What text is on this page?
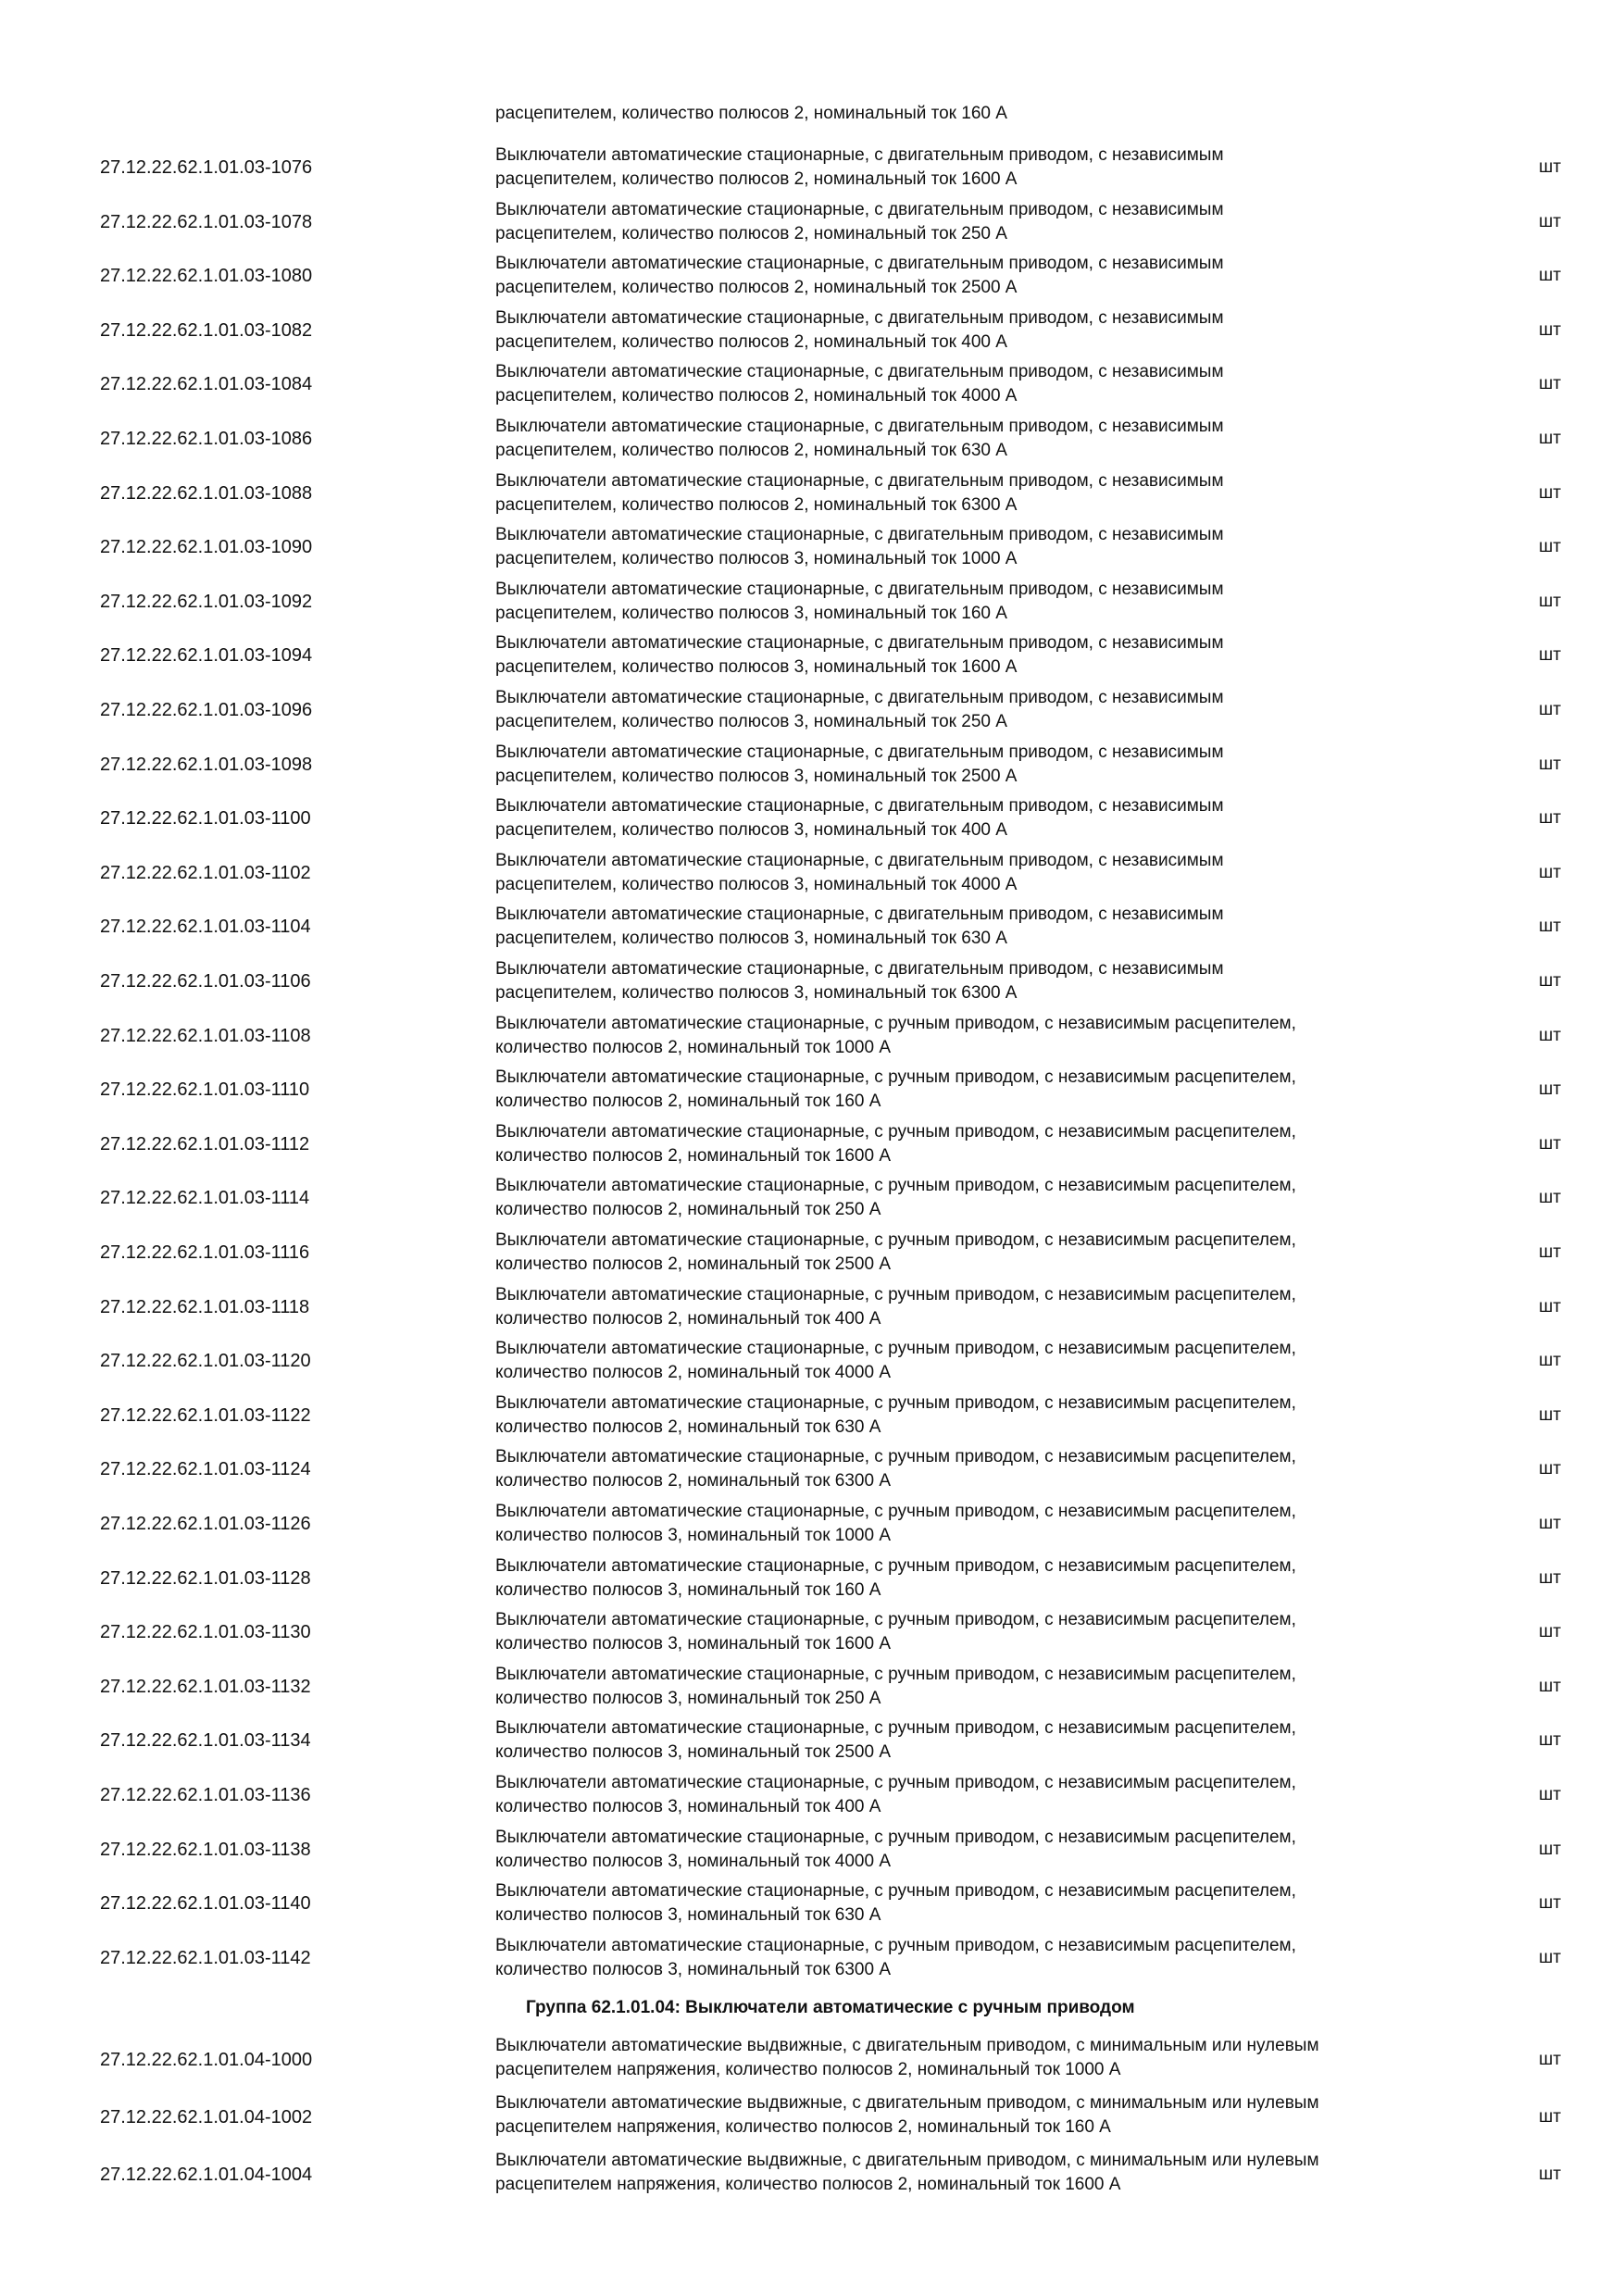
расцепителем, количество полюсов 2, номинальный ток 160 А
27.12.22.62.1.01.03-1076
Выключатели автоматические стационарные, с двигательным приводом, с независимым
расцепителем, количество полюсов 2, номинальный ток 1600 А
шт
27.12.22.62.1.01.03-1078
Выключатели автоматические стационарные, с двигательным приводом, с независимым
расцепителем, количество полюсов 2, номинальный ток 250 А
шт
27.12.22.62.1.01.03-1080
Выключатели автоматические стационарные, с двигательным приводом, с независимым
расцепителем, количество полюсов 2, номинальный ток 2500 А
шт
27.12.22.62.1.01.03-1082
Выключатели автоматические стационарные, с двигательным приводом, с независимым
расцепителем, количество полюсов 2, номинальный ток 400 А
шт
27.12.22.62.1.01.03-1084
Выключатели автоматические стационарные, с двигательным приводом, с независимым
расцепителем, количество полюсов 2, номинальный ток 4000 А
шт
27.12.22.62.1.01.03-1086
Выключатели автоматические стационарные, с двигательным приводом, с независимым
расцепителем, количество полюсов 2, номинальный ток 630 А
шт
27.12.22.62.1.01.03-1088
Выключатели автоматические стационарные, с двигательным приводом, с независимым
расцепителем, количество полюсов 2, номинальный ток 6300 А
шт
27.12.22.62.1.01.03-1090
Выключатели автоматические стационарные, с двигательным приводом, с независимым
расцепителем, количество полюсов 3, номинальный ток 1000 А
шт
27.12.22.62.1.01.03-1092
Выключатели автоматические стационарные, с двигательным приводом, с независимым
расцепителем, количество полюсов 3, номинальный ток 160 А
шт
27.12.22.62.1.01.03-1094
Выключатели автоматические стационарные, с двигательным приводом, с независимым
расцепителем, количество полюсов 3, номинальный ток 1600 А
шт
27.12.22.62.1.01.03-1096
Выключатели автоматические стационарные, с двигательным приводом, с независимым
расцепителем, количество полюсов 3, номинальный ток 250 А
шт
27.12.22.62.1.01.03-1098
Выключатели автоматические стационарные, с двигательным приводом, с независимым
расцепителем, количество полюсов 3, номинальный ток 2500 А
шт
27.12.22.62.1.01.03-1100
Выключатели автоматические стационарные, с двигательным приводом, с независимым
расцепителем, количество полюсов 3, номинальный ток 400 А
шт
27.12.22.62.1.01.03-1102
Выключатели автоматические стационарные, с двигательным приводом, с независимым
расцепителем, количество полюсов 3, номинальный ток 4000 А
шт
27.12.22.62.1.01.03-1104
Выключатели автоматические стационарные, с двигательным приводом, с независимым
расцепителем, количество полюсов 3, номинальный ток 630 А
шт
27.12.22.62.1.01.03-1106
Выключатели автоматические стационарные, с двигательным приводом, с независимым
расцепителем, количество полюсов 3, номинальный ток 6300 А
шт
27.12.22.62.1.01.03-1108
Выключатели автоматические стационарные, с ручным приводом, с независимым расцепителем,
количество полюсов 2, номинальный ток 1000 А
шт
27.12.22.62.1.01.03-1110
Выключатели автоматические стационарные, с ручным приводом, с независимым расцепителем,
количество полюсов 2, номинальный ток 160 А
шт
27.12.22.62.1.01.03-1112
Выключатели автоматические стационарные, с ручным приводом, с независимым расцепителем,
количество полюсов 2, номинальный ток 1600 А
шт
27.12.22.62.1.01.03-1114
Выключатели автоматические стационарные, с ручным приводом, с независимым расцепителем,
количество полюсов 2, номинальный ток 250 А
шт
27.12.22.62.1.01.03-1116
Выключатели автоматические стационарные, с ручным приводом, с независимым расцепителем,
количество полюсов 2, номинальный ток 2500 А
шт
27.12.22.62.1.01.03-1118
Выключатели автоматические стационарные, с ручным приводом, с независимым расцепителем,
количество полюсов 2, номинальный ток 400 А
шт
27.12.22.62.1.01.03-1120
Выключатели автоматические стационарные, с ручным приводом, с независимым расцепителем,
количество полюсов 2, номинальный ток 4000 А
шт
27.12.22.62.1.01.03-1122
Выключатели автоматические стационарные, с ручным приводом, с независимым расцепителем,
количество полюсов 2, номинальный ток 630 А
шт
27.12.22.62.1.01.03-1124
Выключатели автоматические стационарные, с ручным приводом, с независимым расцепителем,
количество полюсов 2, номинальный ток 6300 А
шт
27.12.22.62.1.01.03-1126
Выключатели автоматические стационарные, с ручным приводом, с независимым расцепителем,
количество полюсов 3, номинальный ток 1000 А
шт
27.12.22.62.1.01.03-1128
Выключатели автоматические стационарные, с ручным приводом, с независимым расцепителем,
количество полюсов 3, номинальный ток 160 А
шт
27.12.22.62.1.01.03-1130
Выключатели автоматические стационарные, с ручным приводом, с независимым расцепителем,
количество полюсов 3, номинальный ток 1600 А
шт
27.12.22.62.1.01.03-1132
Выключатели автоматические стационарные, с ручным приводом, с независимым расцепителем,
количество полюсов 3, номинальный ток 250 А
шт
27.12.22.62.1.01.03-1134
Выключатели автоматические стационарные, с ручным приводом, с независимым расцепителем,
количество полюсов 3, номинальный ток 2500 А
шт
27.12.22.62.1.01.03-1136
Выключатели автоматические стационарные, с ручным приводом, с независимым расцепителем,
количество полюсов 3, номинальный ток 400 А
шт
27.12.22.62.1.01.03-1138
Выключатели автоматические стационарные, с ручным приводом, с независимым расцепителем,
количество полюсов 3, номинальный ток 4000 А
шт
27.12.22.62.1.01.03-1140
Выключатели автоматические стационарные, с ручным приводом, с независимым расцепителем,
количество полюсов 3, номинальный ток 630 А
шт
27.12.22.62.1.01.03-1142
Выключатели автоматические стационарные, с ручным приводом, с независимым расцепителем,
количество полюсов 3, номинальный ток 6300 А
шт
Группа 62.1.01.04: Выключатели автоматические с ручным приводом
27.12.22.62.1.01.04-1000
Выключатели автоматические выдвижные, с двигательным приводом, с минимальным или нулевым
расцепителем напряжения, количество полюсов 2, номинальный ток 1000 А
шт
27.12.22.62.1.01.04-1002
Выключатели автоматические выдвижные, с двигательным приводом, с минимальным или нулевым
расцепителем напряжения, количество полюсов 2, номинальный ток 160 А
шт
27.12.22.62.1.01.04-1004
Выключатели автоматические выдвижные, с двигательным приводом, с минимальным или нулевым
расцепителем напряжения, количество полюсов 2, номинальный ток 1600 А
шт
